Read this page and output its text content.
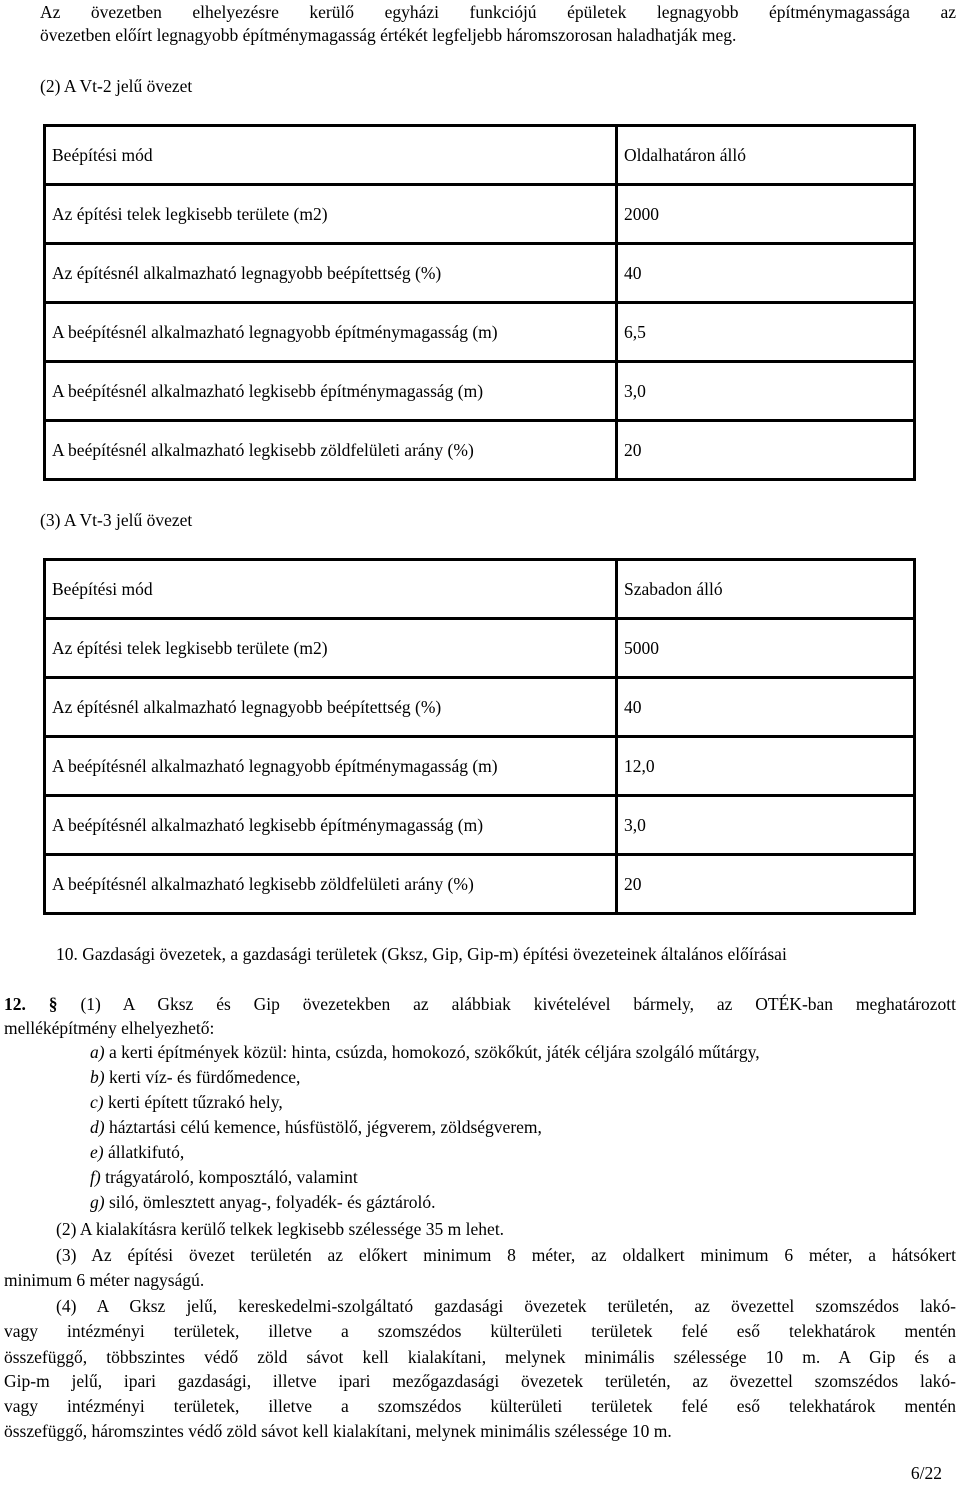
Az övezetben elhelyezésre kerülő egyházi funkciójú épületek legnagyobb építménymagassága az
övezetben előírt legnagyobb építménymagasság értékét legfeljebb háromszorosan haladhatják meg.
(2) A Vt-2 jelű övezet
Beépítési mód	Oldalhatáron álló
Az építési telek legkisebb területe (m2)	2000
Az építésnél alkalmazható legnagyobb beépítettség (%)	40
A beépítésnél alkalmazható legnagyobb építménymagasság (m)	6,5
A beépítésnél alkalmazható legkisebb építménymagasság (m)	3,0
A beépítésnél alkalmazható legkisebb zöldfelületi arány (%)	20
(3) A Vt-3 jelű övezet
Beépítési mód	Szabadon álló
Az építési telek legkisebb területe (m2)	5000
Az építésnél alkalmazható legnagyobb beépítettség (%)	40
A beépítésnél alkalmazható legnagyobb építménymagasság (m)	12,0
A beépítésnél alkalmazható legkisebb építménymagasság (m)	3,0
A beépítésnél alkalmazható legkisebb zöldfelületi arány (%)	20
10. Gazdasági övezetek, a gazdasági területek (Gksz, Gip, Gip-m) építési övezeteinek általános előírásai
12. § (1) A Gksz és Gip övezetekben az alábbiak kivételével bármely, az OTÉK-ban meghatározott
melléképítmény elhelyezhető:
a) a kerti építmények közül: hinta, csúzda, homokozó, szökőkút, játék céljára szolgáló műtárgy,
b) kerti víz- és fürdőmedence,
c) kerti épített tűzrakó hely,
d) háztartási célú kemence, húsfüstölő, jégverem, zöldségverem,
e) állatkifutó,
f) trágyatároló, komposztáló, valamint
g) siló, ömlesztett anyag-, folyadék- és gáztároló.
(2) A kialakításra kerülő telkek legkisebb szélessége 35 m lehet.
(3) Az építési övezet területén az előkert minimum 8 méter, az oldalkert minimum 6 méter, a hátsókert
minimum 6 méter nagyságú.
(4) A Gksz jelű, kereskedelmi-szolgáltató gazdasági övezetek területén, az övezettel szomszédos lakó-
vagy intézményi területek, illetve a szomszédos külterületi területek felé eső telekhatárok mentén
összefüggő, többszintes védő zöld sávot kell kialakítani, melynek minimális szélessége 10 m. A Gip és a
Gip-m jelű, ipari gazdasági, illetve ipari mezőgazdasági övezetek területén, az övezettel szomszédos lakó-
vagy intézményi területek, illetve a szomszédos külterületi területek felé eső telekhatárok mentén
összefüggő, háromszintes védő zöld sávot kell kialakítani, melynek minimális szélessége 10 m.
6/22
